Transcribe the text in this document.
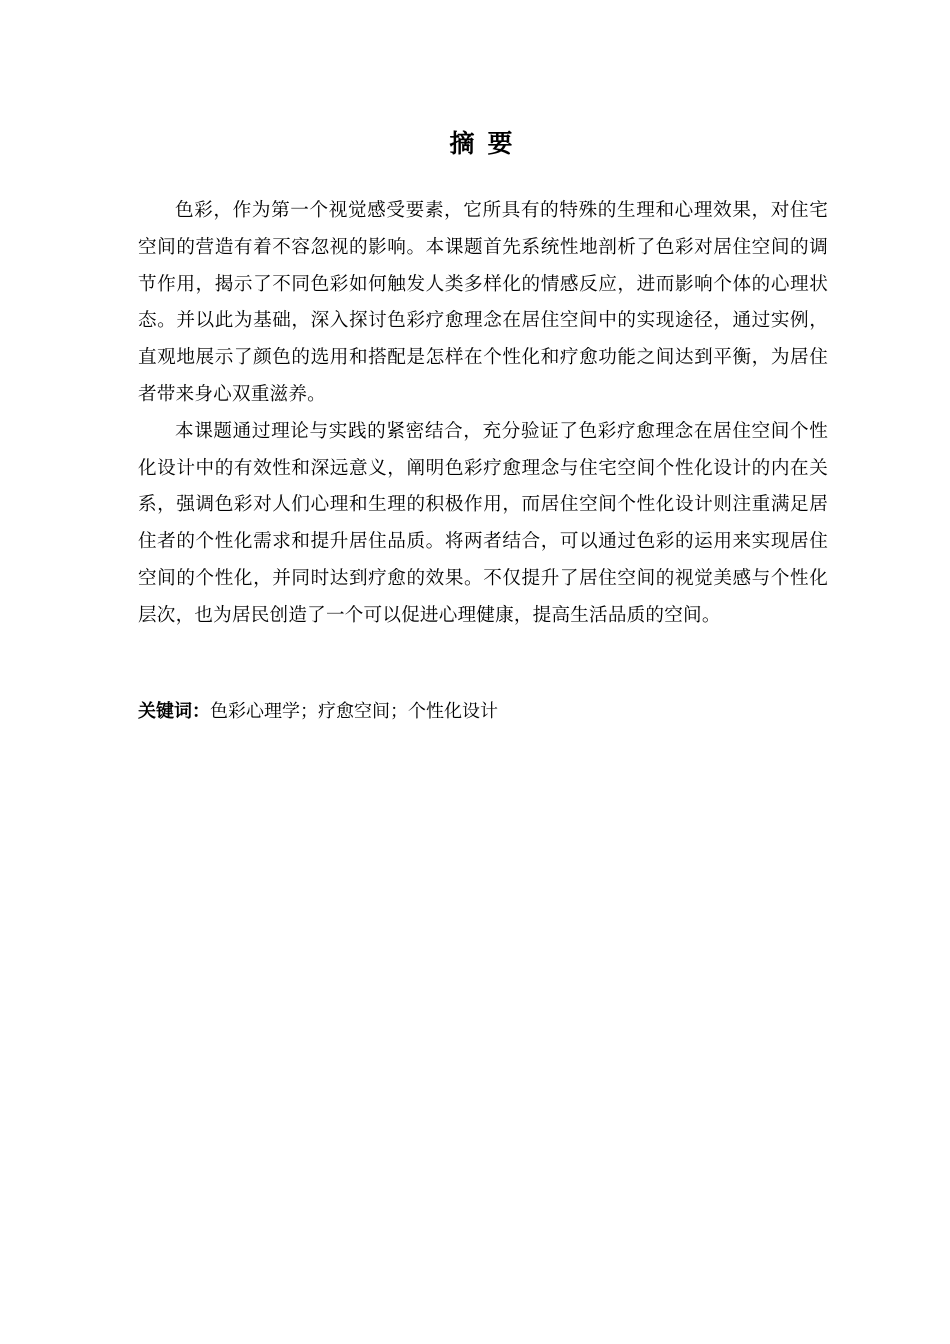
摘要

色彩，作为第一个视觉感受要素，它所具有的特殊的生理和心理效果，对住宅空间的营造有着不容忽视的影响。本课题首先系统性地剖析了色彩对居住空间的调节作用，揭示了不同色彩如何触发人类多样化的情感反应，进而影响个体的心理状态。并以此为基础，深入探讨色彩疗愈理念在居住空间中的实现途径，通过实例，直观地展示了颜色的选用和搭配是怎样在个性化和疗愈功能之间达到平衡，为居住者带来身心双重滋养。

本课题通过理论与实践的紧密结合，充分验证了色彩疗愈理念在居住空间个性化设计中的有效性和深远意义，阐明色彩疗愈理念与住宅空间个性化设计的内在关系，强调色彩对人们心理和生理的积极作用，而居住空间个性化设计则注重满足居住者的个性化需求和提升居住品质。将两者结合，可以通过色彩的运用来实现居住空间的个性化，并同时达到疗愈的效果。不仅提升了居住空间的视觉美感与个性化层次，也为居民创造了一个可以促进心理健康，提高生活品质的空间。

关键词：色彩心理学；疗愈空间；个性化设计
